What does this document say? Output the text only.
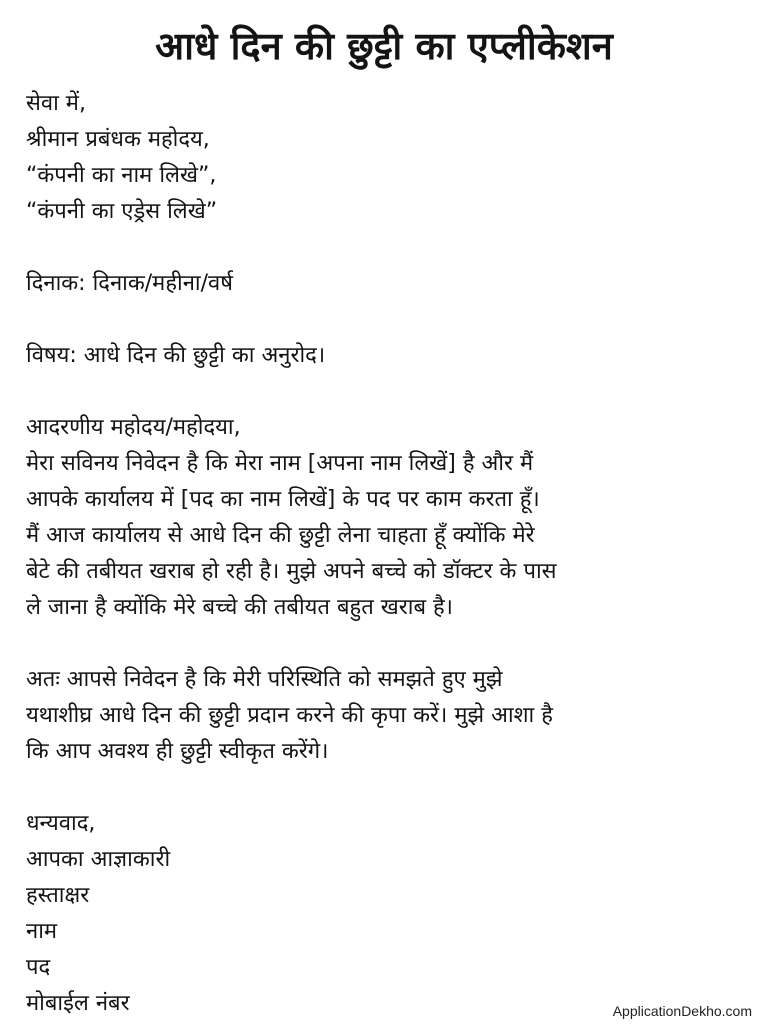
आधे दिन की छुट्टी का एप्लीकेशन
सेवा में,
श्रीमान प्रबंधक महोदय,
“कंपनी का नाम लिखे”,
“कंपनी का एड्रेस लिखे”
दिनाक: दिनाक/महीना/वर्ष
विषय: आधे दिन की छुट्टी का अनुरोद।
आदरणीय महोदय/महोदया,
मेरा सविनय निवेदन है कि मेरा नाम [अपना नाम लिखें] है और मैं
आपके कार्यालय में [पद का नाम लिखें] के पद पर काम करता हूँ।
मैं आज कार्यालय से आधे दिन की छुट्टी लेना चाहता हूँ क्योंकि मेरे
बेटे की तबीयत खराब हो रही है। मुझे अपने बच्चे को डॉक्टर के पास
ले जाना है क्योंकि मेरे बच्चे की तबीयत बहुत खराब है।
अतः आपसे निवेदन है कि मेरी परिस्थिति को समझते हुए मुझे
यथाशीघ्र आधे दिन की छुट्टी प्रदान करने की कृपा करें। मुझे आशा है
कि आप अवश्य ही छुट्टी स्वीकृत करेंगे।
धन्यवाद,
आपका आज्ञाकारी
हस्ताक्षर
नाम
पद
मोबाईल नंबर	ApplicationDekho.com
